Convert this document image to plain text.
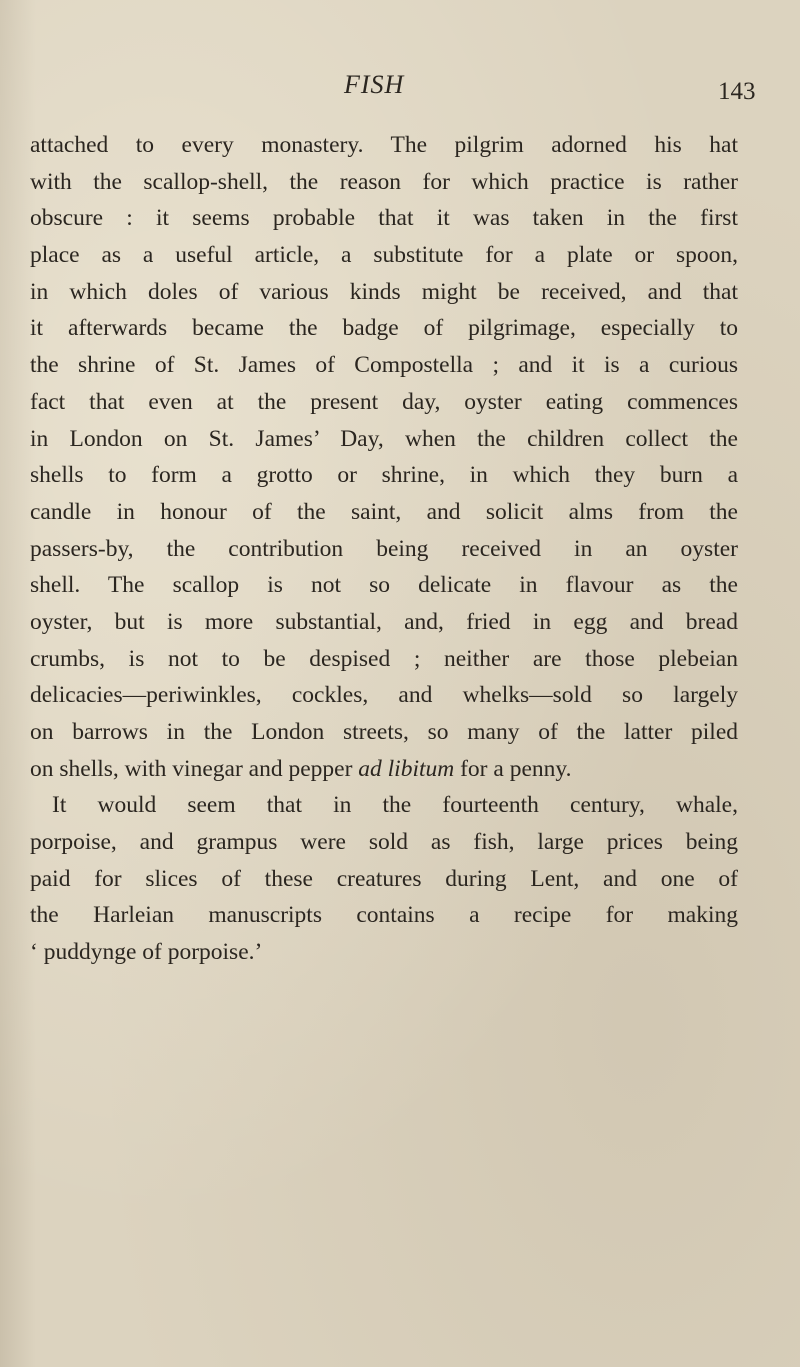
FISH	143
attached to every monastery. The pilgrim adorned his hat
with the scallop-shell, the reason for which practice is rather
obscure : it seems probable that it was taken in the first
place as a useful article, a substitute for a plate or spoon,
in which doles of various kinds might be received, and that
it afterwards became the badge of pilgrimage, especially to
the shrine of St. James of Compostella ; and it is a curious
fact that even at the present day, oyster eating commences
in London on St. James’ Day, when the children collect the
shells to form a grotto or shrine, in which they burn a
candle in honour of the saint, and solicit alms from the
passers-by, the contribution being received in an oyster
shell. The scallop is not so delicate in flavour as the
oyster, but is more substantial, and, fried in egg and bread
crumbs, is not to be despised ; neither are those plebeian
delicacies—periwinkles, cockles, and whelks—sold so largely
on barrows in the London streets, so many of the latter piled
on shells, with vinegar and pepper ad libitum for a penny.
It would seem that in the fourteenth century, whale,
porpoise, and grampus were sold as fish, large prices being
paid for slices of these creatures during Lent, and one of
the Harleian manuscripts contains a recipe for making
‘ puddynge of porpoise.’
